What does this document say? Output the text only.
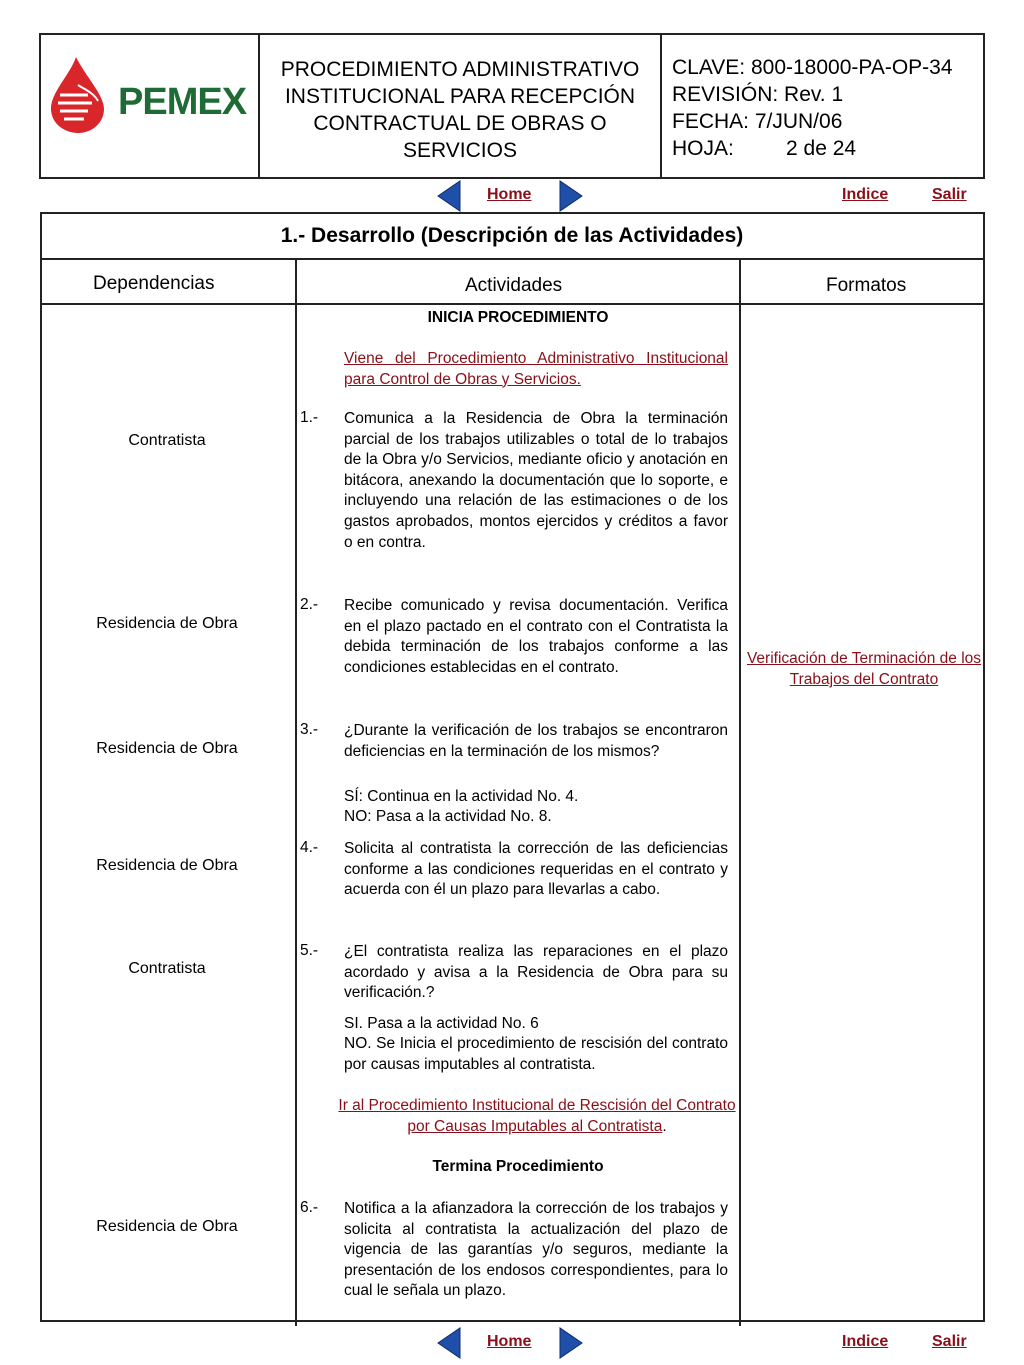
PEMEX
PROCEDIMIENTO ADMINISTRATIVO
INSTITUCIONAL PARA RECEPCIÓN
CONTRACTUAL DE OBRAS O
SERVICIOS
CLAVE: 800-18000-PA-OP-34
REVISIÓN: Rev. 1
FECHA: 7/JUN/06
HOJA: 2 de 24
Home	Indice	Salir
1.- Desarrollo (Descripción de las Actividades)
Dependencias	Actividades	Formatos
INICIA PROCEDIMIENTO
Viene del Procedimiento Administrativo Institucional para Control de Obras y Servicios.
Contratista
1.- Comunica a la Residencia de Obra la terminación parcial de los trabajos utilizables o total de lo trabajos de la Obra y/o Servicios, mediante oficio y anotación en bitácora, anexando la documentación que lo soporte, e incluyendo una relación de las estimaciones o de los gastos aprobados, montos ejercidos y créditos a favor o en contra.
Residencia de Obra
2.- Recibe comunicado y revisa documentación. Verifica en el plazo pactado en el contrato con el Contratista la debida terminación de los trabajos conforme a las condiciones establecidas en el contrato.
Verificación de Terminación de los Trabajos del Contrato
Residencia de Obra
3.- ¿Durante la verificación de los trabajos se encontraron deficiencias en la terminación de los mismos?
SÍ: Continua en la actividad No. 4.
NO: Pasa a la actividad No. 8.
Residencia de Obra
4.- Solicita al contratista la corrección de las deficiencias conforme a las condiciones requeridas en el contrato y acuerda con él un plazo para llevarlas a cabo.
Contratista
5.- ¿El contratista realiza las reparaciones en el plazo acordado y avisa a la Residencia de Obra para su verificación.?
SI. Pasa a la actividad No. 6
NO. Se Inicia el procedimiento de rescisión del contrato por causas imputables al contratista.
Ir al Procedimiento Institucional de Rescisión del Contrato por Causas Imputables al Contratista.
Termina Procedimiento
Residencia de Obra
6.- Notifica a la afianzadora la corrección de los trabajos y solicita al contratista la actualización del plazo de vigencia de las garantías y/o seguros, mediante la presentación de los endosos correspondientes, para lo cual le señala un plazo.
Home	Indice	Salir
